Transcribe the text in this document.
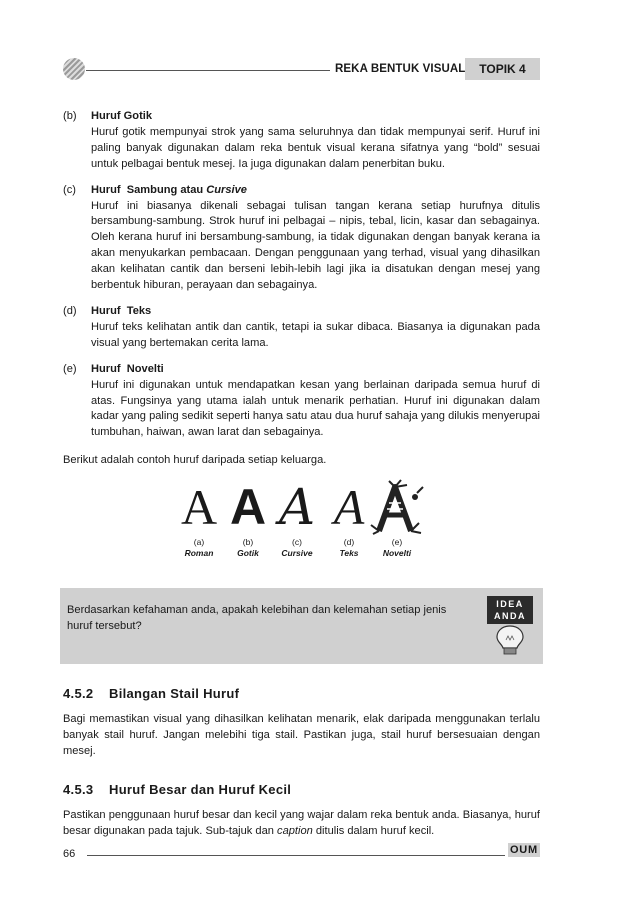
REKA BENTUK VISUAL	TOPIK 4
(b)	Huruf Gotik
Huruf gotik mempunyai strok yang sama seluruhnya dan tidak mempunyai serif. Huruf ini paling banyak digunakan dalam reka bentuk visual kerana sifatnya yang “bold” sesuai untuk pelbagai bentuk mesej. Ia juga digunakan dalam penerbitan buku.
(c)	Huruf  Sambung atau Cursive
Huruf ini biasanya dikenali sebagai tulisan tangan kerana setiap hurufnya ditulis bersambung-sambung. Strok huruf ini pelbagai – nipis, tebal, licin, kasar dan sebagainya. Oleh kerana huruf ini bersambung-sambung, ia tidak digunakan dengan banyak kerana ia akan menyukarkan pembacaan. Dengan penggunaan yang terhad, visual yang dihasilkan akan kelihatan cantik dan berseni lebih-lebih lagi jika ia disatukan dengan mesej yang berbentuk hiburan, perayaan dan sebagainya.
(d)	Huruf  Teks
Huruf teks kelihatan antik dan cantik, tetapi ia sukar dibaca. Biasanya ia digunakan pada visual yang bertemakan cerita lama.
(e)	Huruf  Novelti
Huruf ini digunakan untuk mendapatkan kesan yang berlainan daripada semua huruf di atas. Fungsinya yang utama ialah untuk menarik perhatian. Huruf ini digunakan dalam kadar yang paling sedikit seperti hanya satu atau dua huruf sahaja yang dilukis menyerupai tumbuhan, haiwan, awan larat dan sebagainya.

Berikut adalah contoh huruf daripada setiap keluarga.

A
(a)
Roman
A
(b)
Gotik
A
(c)
Cursive
A
(d)
Teks
(e)
Novelti
Berdasarkan kefahaman anda, apakah kelebihan dan kelemahan setiap jenis huruf tersebut?
IDEA
ANDA
4.5.2 Bilangan Stail Huruf

Bagi memastikan visual yang dihasilkan kelihatan menarik, elak daripada menggunakan terlalu banyak stail huruf. Jangan melebihi tiga stail. Pastikan juga, stail huruf bersesuaian dengan mesej.

4.5.3 Huruf Besar dan Huruf Kecil

Pastikan penggunaan huruf besar dan kecil yang wajar dalam reka bentuk anda. Biasanya, huruf besar digunakan pada tajuk. Sub-tajuk dan caption ditulis dalam huruf kecil.

66	OUM
